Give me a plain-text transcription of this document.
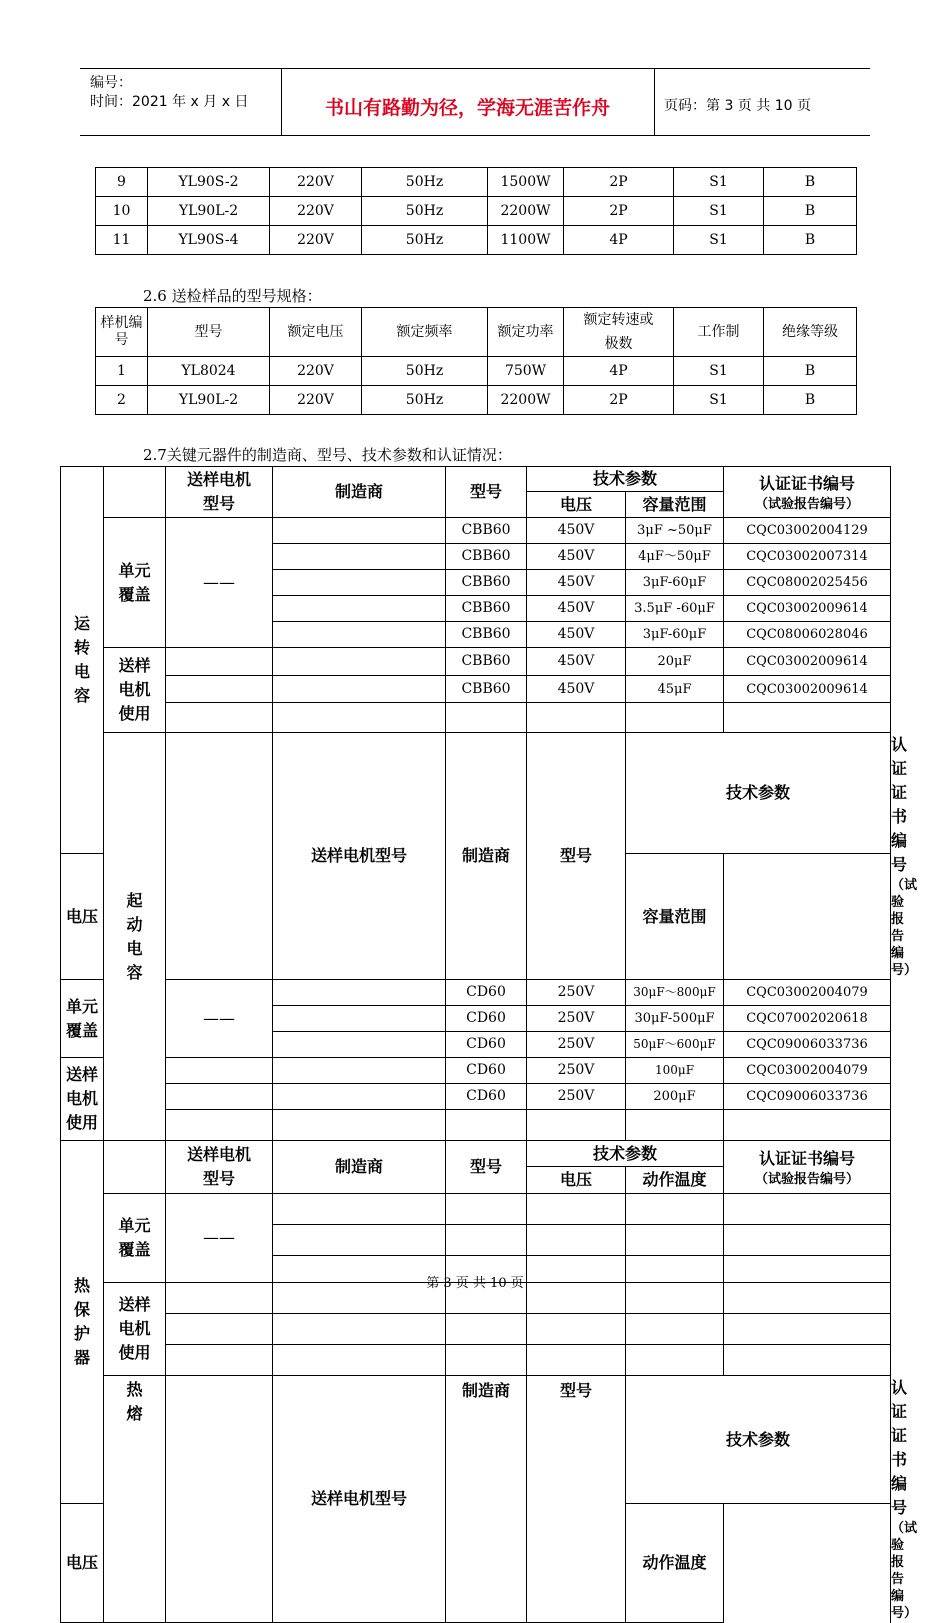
编号：
时间：2021 年 x 月 x 日	书山有路勤为径，学海无涯苦作舟	页码：第 3 页 共 10 页
9	YL90S-2	220V	50Hz	1500W	2P	S1	B
10	YL90L-2	220V	50Hz	2200W	2P	S1	B
11	YL90S-4	220V	50Hz	1100W	4P	S1	B
2.6 送检样品的型号规格：
样机编号	型号	额定电压	额定频率	额定功率	额定转速或极数	工作制	绝缘等级
1	YL8024	220V	50Hz	750W	4P	S1	B
2	YL90L-2	220V	50Hz	2200W	2P	S1	B
2.7关键元器件的制造商、型号、技术参数和认证情况：
运转电容		送样电机型号	制造商	型号	技术参数		认证证书编号
（试验报告编号）	

					电压	容量范围		

	单元覆盖	——		CBB60	450V	3μF ~50μF	CQC03002004129	
				CBB60	450V	4μF～50μF	CQC03002007314	
				CBB60	450V	3μF-60μF	CQC08002025456	
				CBB60	450V	3.5μF -60μF	CQC03002009614	
				CBB60	450V	3μF-60μF	CQC08006028046	

	送样电机使用			CBB60	450V	20μF	CQC03002009614	
				CBB60	450V	45μF	CQC03002009614	

	起动电容		送样电机型号	制造商	型号	技术参数		认证证书编号
（试验报告编号）

电压						容量范围		

单元覆盖		——		CD60	250V	30μF～800μF	CQC03002004079	
				CD60	250V	30μF-500μF	CQC07002020618	
				CD60	250V	50μF～600μF	CQC09006033736	

送样电机使用				CD60	250V	100μF	CQC03002004079	
				CD60	250V	200μF	CQC09006033736	

热保护器		送样电机型号	制造商	型号	技术参数		认证证书编号
（试验报告编号）	

					电压	动作温度		

	单元覆盖	——						

	送样电机使用							

	热熔		送样电机型号	制造商	型号	技术参数		认证证书编号
（试验报告编号）

电压						动作温度		
第 3 页 共 10 页
